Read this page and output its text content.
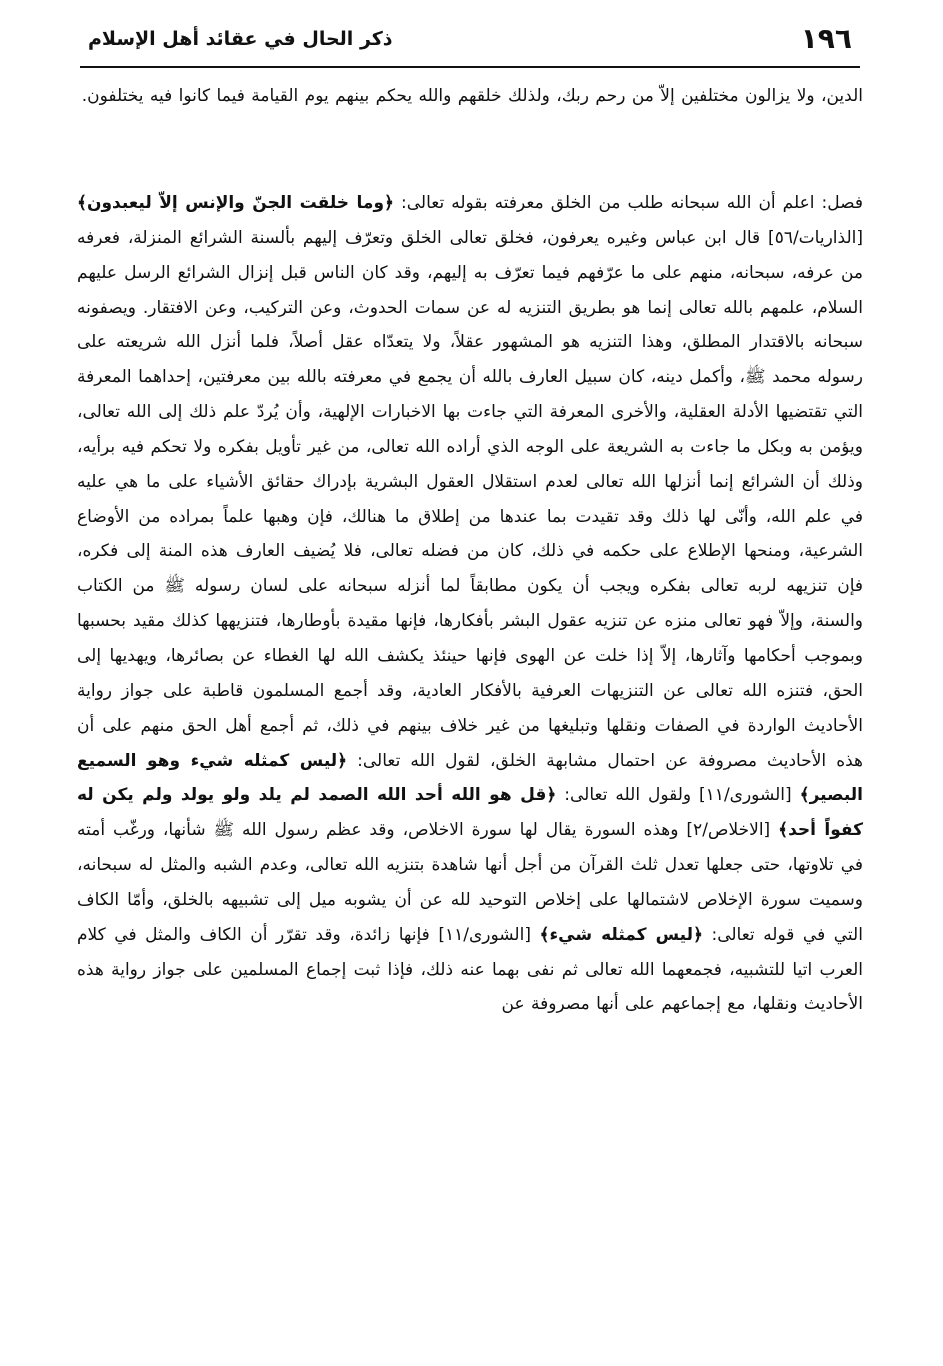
١٩٦
ذكر الحال في عقائد أهل الإسلام

الدين، ولا يزالون مختلفين إلاّ من رحم ربك، ولذلك خلقهم والله يحكم بينهم يوم القيامة فيما كانوا فيه يختلفون.

فصل: اعلم أن الله سبحانه طلب من الخلق معرفته بقوله تعالى: ﴿وما خلقت الجنّ والإنس إلاّ ليعبدون﴾ [الذاريات/٥٦] قال ابن عباس وغيره يعرفون، فخلق تعالى الخلق وتعرّف إليهم بألسنة الشرائع المنزلة، فعرفه من عرفه، سبحانه، منهم على ما عرّفهم فيما تعرّف به إليهم، وقد كان الناس قبل إنزال الشرائع الرسل عليهم السلام، علمهم بالله تعالى إنما هو بطريق التنزيه له عن سمات الحدوث، وعن التركيب، وعن الافتقار. ويصفونه سبحانه بالاقتدار المطلق، وهذا التنزيه هو المشهور عقلاً، ولا يتعدّاه عقل أصلاً، فلما أنزل الله شريعته على رسوله محمد ﷺ، وأكمل دينه، كان سبيل العارف بالله أن يجمع في معرفته بالله بين معرفتين، إحداهما المعرفة التي تقتضيها الأدلة العقلية، والأخرى المعرفة التي جاءت بها الاخبارات الإلهية، وأن يُردّ علم ذلك إلى الله تعالى، ويؤمن به وبكل ما جاءت به الشريعة على الوجه الذي أراده الله تعالى، من غير تأويل بفكره ولا تحكم فيه برأيه، وذلك أن الشرائع إنما أنزلها الله تعالى لعدم استقلال العقول البشرية بإدراك حقائق الأشياء على ما هي عليه في علم الله، وأنّى لها ذلك وقد تقيدت بما عندها من إطلاق ما هنالك، فإن وهبها علماً بمراده من الأوضاع الشرعية، ومنحها الإطلاع على حكمه في ذلك، كان من فضله تعالى، فلا يُضيف العارف هذه المنة إلى فكره، فإن تنزيهه لربه تعالى بفكره ويجب أن يكون مطابقاً لما أنزله سبحانه على لسان رسوله ﷺ من الكتاب والسنة، وإلاّ فهو تعالى منزه عن تنزيه عقول البشر بأفكارها، فإنها مقيدة بأوطارها، فتنزيهها كذلك مقيد بحسبها وبموجب أحكامها وآثارها، إلاّ إذا خلت عن الهوى فإنها حينئذ يكشف الله لها الغطاء عن بصائرها، ويهديها إلى الحق، فتنزه الله تعالى عن التنزيهات العرفية بالأفكار العادية، وقد أجمع المسلمون قاطبة على جواز رواية الأحاديث الواردة في الصفات ونقلها وتبليغها من غير خلاف بينهم في ذلك، ثم أجمع أهل الحق منهم على أن هذه الأحاديث مصروفة عن احتمال مشابهة الخلق، لقول الله تعالى: ﴿ليس كمثله شيء وهو السميع البصير﴾ [الشورى/١١] ولقول الله تعالى: ﴿قل هو الله أحد الله الصمد لم يلد ولو يولد ولم يكن له كفواً أحد﴾ [الاخلاص/٢] وهذه السورة يقال لها سورة الاخلاص، وقد عظم رسول الله ﷺ شأنها، ورغّب أمته في تلاوتها، حتى جعلها تعدل ثلث القرآن من أجل أنها شاهدة بتنزيه الله تعالى، وعدم الشبه والمثل له سبحانه، وسميت سورة الإخلاص لاشتمالها على إخلاص التوحيد لله عن أن يشوبه ميل إلى تشبيهه بالخلق، وأمّا الكاف التي في قوله تعالى: ﴿ليس كمثله شيء﴾ [الشورى/١١] فإنها زائدة، وقد تقرّر أن الكاف والمثل في كلام العرب اتيا للتشبيه، فجمعهما الله تعالى ثم نفى بهما عنه ذلك، فإذا ثبت إجماع المسلمين على جواز رواية هذه الأحاديث ونقلها، مع إجماعهم على أنها مصروفة عن
